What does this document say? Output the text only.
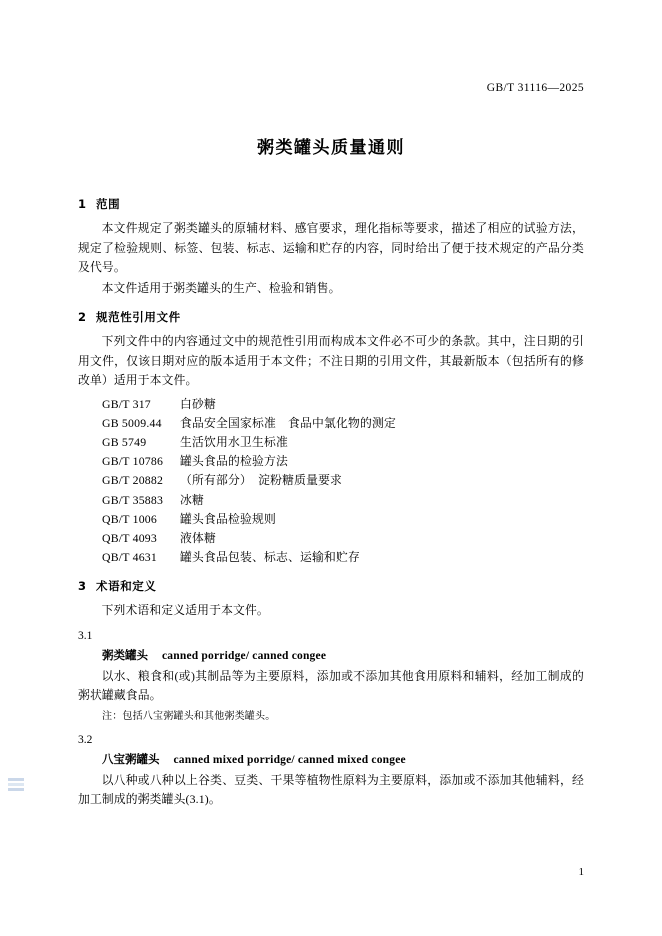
GB/T 31116—2025
粥类罐头质量通则
1 范围

本文件规定了粥类罐头的原辅材料、感官要求，理化指标等要求，描述了相应的试验方法，规定了检验规则、标签、包装、标志、运输和贮存的内容，同时给出了便于技术规定的产品分类及代号。

本文件适用于粥类罐头的生产、检验和销售。

2 规范性引用文件

下列文件中的内容通过文中的规范性引用而构成本文件必不可少的条款。其中，注日期的引用文件，仅该日期对应的版本适用于本文件；不注日期的引用文件，其最新版本（包括所有的修改单）适用于本文件。

GB/T 317 白砂糖
GB 5009.44 食品安全国家标准　食品中氯化物的测定
GB 5749	生活饮用水卫生标准
GB/T 10786 罐头食品的检验方法
GB/T 20882 （所有部分）　淀粉糖质量要求
GB/T 35883 冰糖
QB/T 1006 罐头食品检验规则
QB/T 4093 液体糖
QB/T 4631 罐头食品包装、标志、运输和贮存
3 术语和定义

下列术语和定义适用于本文件。

3.1
粥类罐头 canned porridge/ canned congee

以水、粮食和(或)其制品等为主要原料，添加或不添加其他食用原料和辅料，经加工制成的粥状罐藏食品。

注：包括八宝粥罐头和其他粥类罐头。
3.2
八宝粥罐头 canned mixed porridge/ canned mixed congee

以八种或八种以上谷类、豆类、干果等植物性原料为主要原料，添加或不添加其他辅料，经加工制成的粥类罐头(3.1)。

1
